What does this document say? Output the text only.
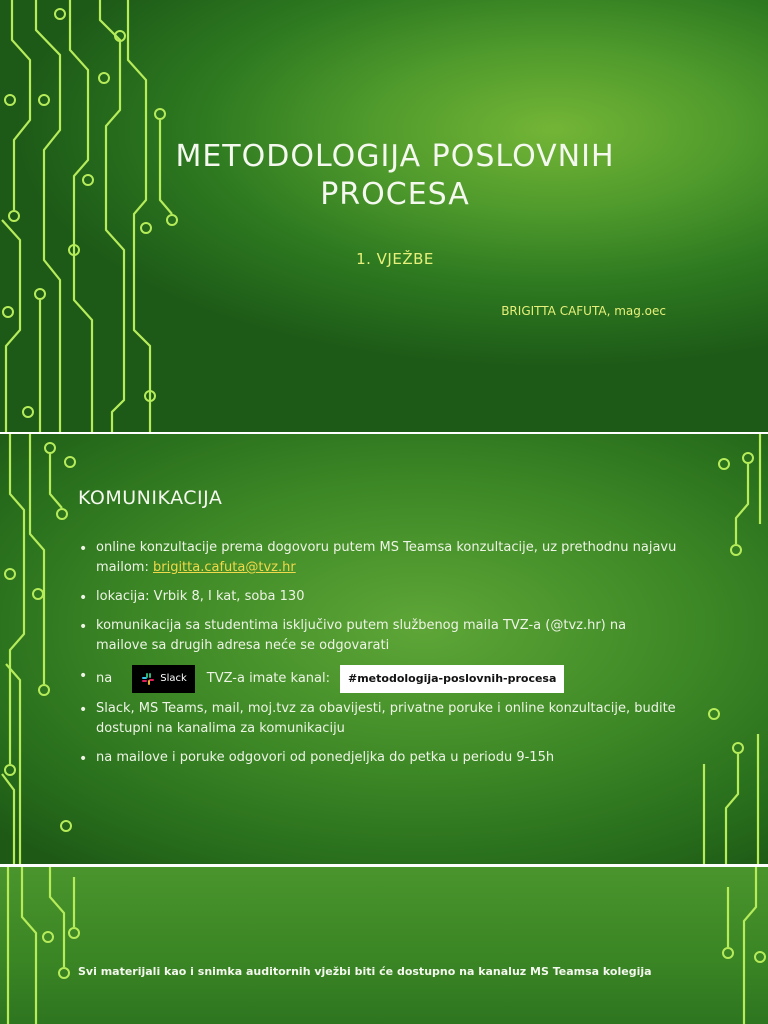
METODOLOGIJA POSLOVNIH PROCESA
1. VJEŽBE
BRIGITTA CAFUTA, mag.oec
KOMUNIKACIJA
• online konzultacije prema dogovoru putem MS Teamsa konzultacije, uz prethodnu najavu mailom: brigitta.cafuta@tvz.hr
• lokacija: Vrbik 8, I kat, soba 130
• komunikacija sa studentima isključivo putem službenog maila TVZ-a (@tvz.hr) na mailove sa drugih adresa neće se odgovarati
• na	Slack TVZ-a imate kanal:	#metodologija-poslovnih-procesa
• Slack, MS Teams, mail, moj.tvz za obavijesti, privatne poruke i online konzultacije, budite dostupni na kanalima za komunikaciju
• na mailove i poruke odgovori od ponedjeljka do petka u periodu 9-15h
Svi materijali kao i snimka auditornih vježbi biti će dostupno na kanaluz MS Teamsa kolegija
